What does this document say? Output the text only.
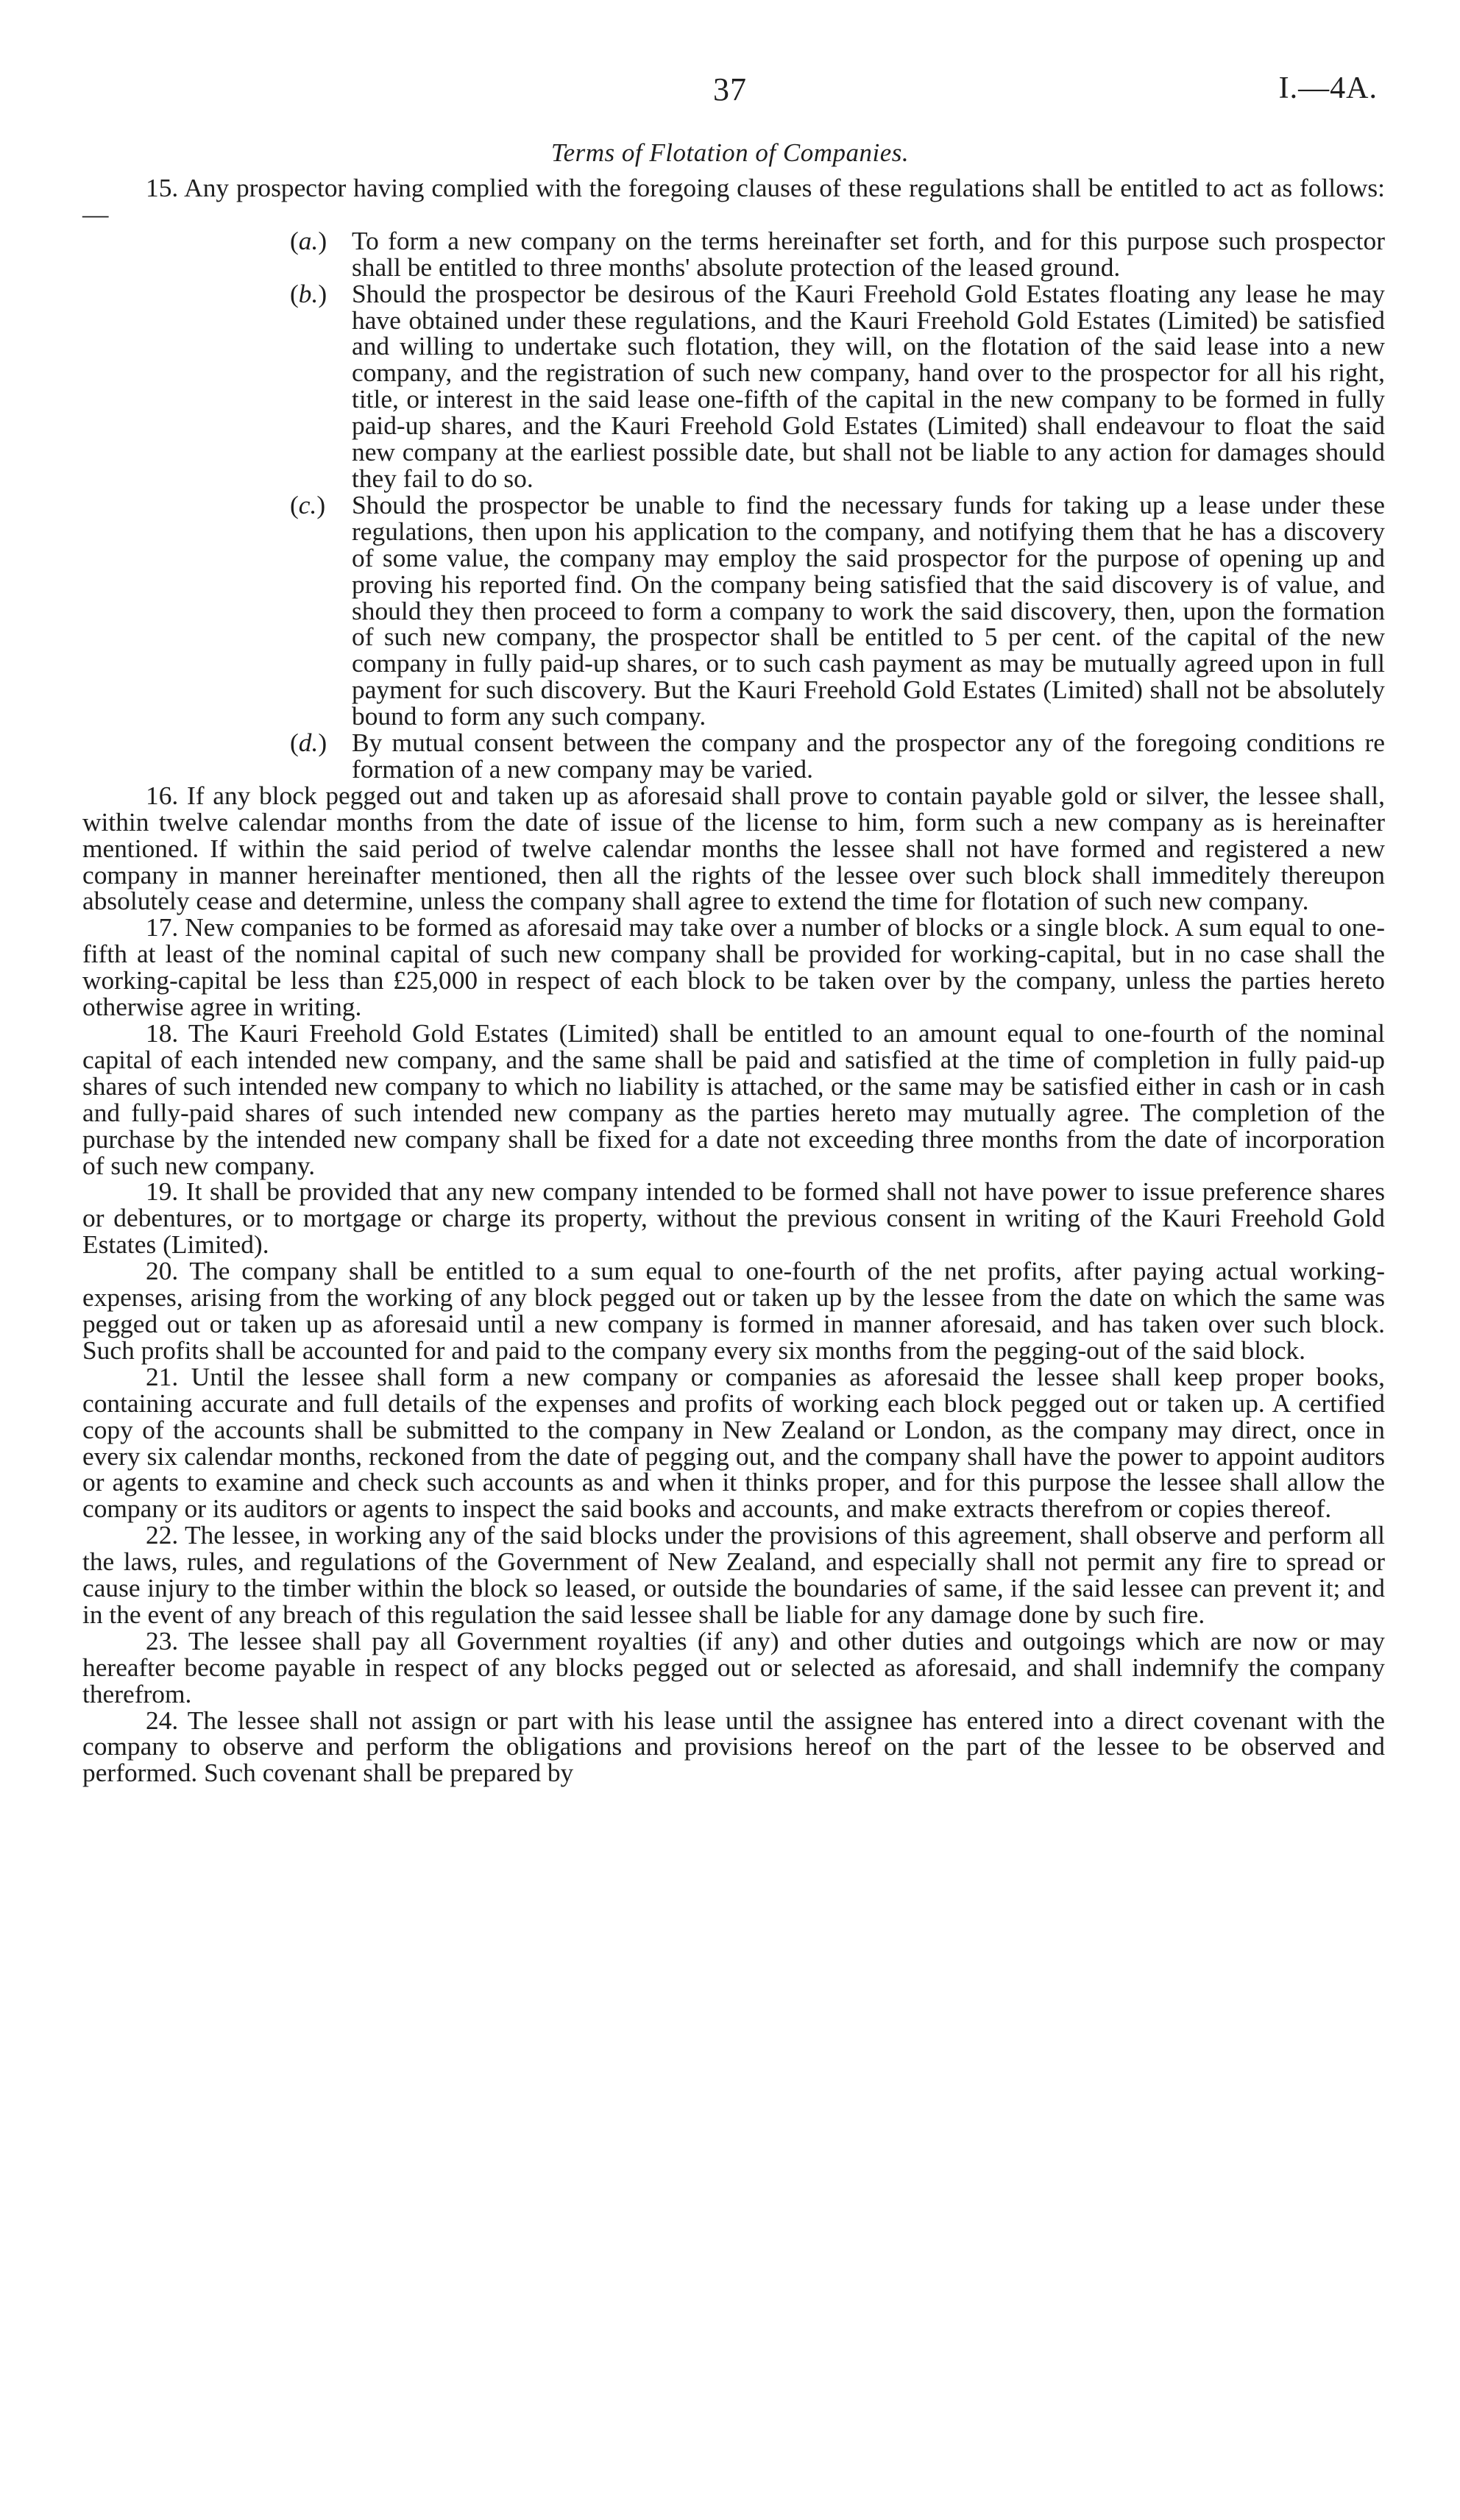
37	I.—4A.
Terms of Flotation of Companies.

15. Any prospector having complied with the foregoing clauses of these regulations shall be entitled to act as follows:—

(a.) To form a new company on the terms hereinafter set forth, and for this purpose such prospector shall be entitled to three months' absolute protection of the leased ground.
(b.) Should the prospector be desirous of the Kauri Freehold Gold Estates floating any lease he may have obtained under these regulations, and the Kauri Freehold Gold Estates (Limited) be satisfied and willing to undertake such flotation, they will, on the flotation of the said lease into a new company, and the registration of such new company, hand over to the prospector for all his right, title, or interest in the said lease one-fifth of the capital in the new company to be formed in fully paid-up shares, and the Kauri Freehold Gold Estates (Limited) shall endeavour to float the said new company at the earliest possible date, but shall not be liable to any action for damages should they fail to do so.
(c.) Should the prospector be unable to find the necessary funds for taking up a lease under these regulations, then upon his application to the company, and notifying them that he has a discovery of some value, the company may employ the said prospector for the purpose of opening up and proving his reported find. On the company being satisfied that the said discovery is of value, and should they then proceed to form a company to work the said discovery, then, upon the formation of such new company, the prospector shall be entitled to 5 per cent. of the capital of the new company in fully paid-up shares, or to such cash payment as may be mutually agreed upon in full payment for such discovery. But the Kauri Freehold Gold Estates (Limited) shall not be absolutely bound to form any such company.
(d.) By mutual consent between the company and the prospector any of the foregoing conditions re formation of a new company may be varied.

16. If any block pegged out and taken up as aforesaid shall prove to contain payable gold or silver, the lessee shall, within twelve calendar months from the date of issue of the license to him, form such a new company as is hereinafter mentioned. If within the said period of twelve calendar months the lessee shall not have formed and registered a new company in manner hereinafter mentioned, then all the rights of the lessee over such block shall immeditely thereupon absolutely cease and determine, unless the company shall agree to extend the time for flotation of such new company.

17. New companies to be formed as aforesaid may take over a number of blocks or a single block. A sum equal to one-fifth at least of the nominal capital of such new company shall be provided for working-capital, but in no case shall the working-capital be less than £25,000 in respect of each block to be taken over by the company, unless the parties hereto otherwise agree in writing.

18. The Kauri Freehold Gold Estates (Limited) shall be entitled to an amount equal to one-fourth of the nominal capital of each intended new company, and the same shall be paid and satisfied at the time of completion in fully paid-up shares of such intended new company to which no liability is attached, or the same may be satisfied either in cash or in cash and fully-paid shares of such intended new company as the parties hereto may mutually agree. The completion of the purchase by the intended new company shall be fixed for a date not exceeding three months from the date of incorporation of such new company.

19. It shall be provided that any new company intended to be formed shall not have power to issue preference shares or debentures, or to mortgage or charge its property, without the previous consent in writing of the Kauri Freehold Gold Estates (Limited).

20. The company shall be entitled to a sum equal to one-fourth of the net profits, after paying actual working-expenses, arising from the working of any block pegged out or taken up by the lessee from the date on which the same was pegged out or taken up as aforesaid until a new company is formed in manner aforesaid, and has taken over such block. Such profits shall be accounted for and paid to the company every six months from the pegging-out of the said block.

21. Until the lessee shall form a new company or companies as aforesaid the lessee shall keep proper books, containing accurate and full details of the expenses and profits of working each block pegged out or taken up. A certified copy of the accounts shall be submitted to the company in New Zealand or London, as the company may direct, once in every six calendar months, reckoned from the date of pegging out, and the company shall have the power to appoint auditors or agents to examine and check such accounts as and when it thinks proper, and for this purpose the lessee shall allow the company or its auditors or agents to inspect the said books and accounts, and make extracts therefrom or copies thereof.

22. The lessee, in working any of the said blocks under the provisions of this agreement, shall observe and perform all the laws, rules, and regulations of the Government of New Zealand, and especially shall not permit any fire to spread or cause injury to the timber within the block so leased, or outside the boundaries of same, if the said lessee can prevent it; and in the event of any breach of this regulation the said lessee shall be liable for any damage done by such fire.

23. The lessee shall pay all Government royalties (if any) and other duties and outgoings which are now or may hereafter become payable in respect of any blocks pegged out or selected as aforesaid, and shall indemnify the company therefrom.

24. The lessee shall not assign or part with his lease until the assignee has entered into a direct covenant with the company to observe and perform the obligations and provisions hereof on the part of the lessee to be observed and performed. Such covenant shall be prepared by
